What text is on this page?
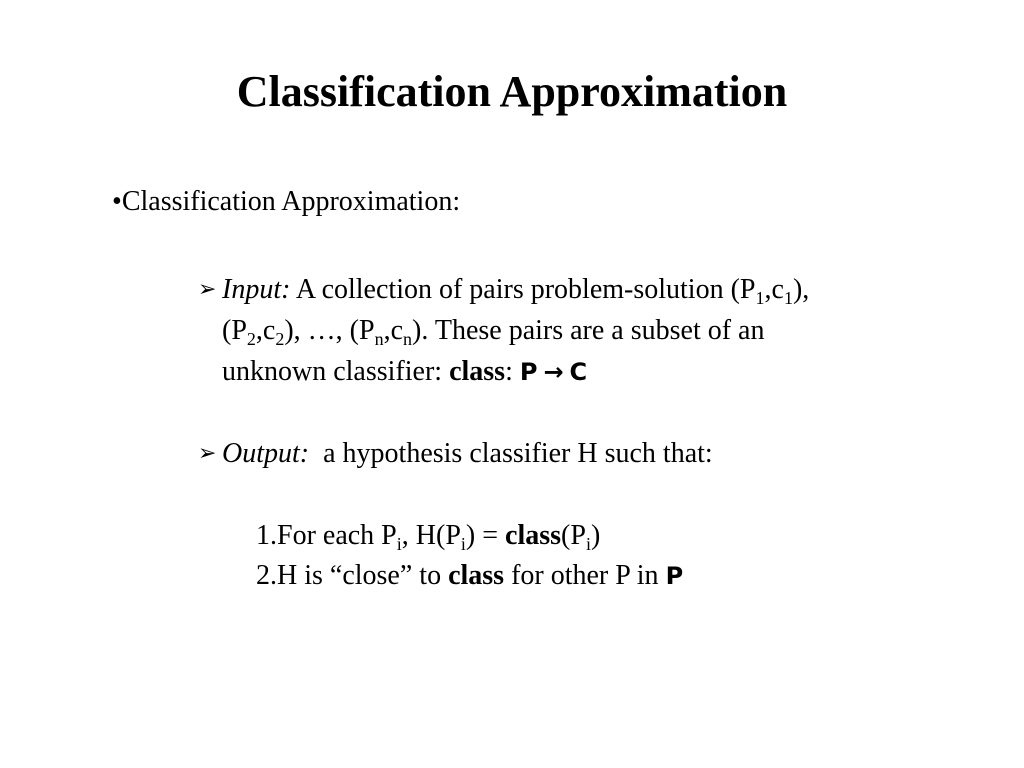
Classification Approximation
•Classification Approximation:
➢ Input: A collection of pairs problem-solution $(P_1,c_1)$,
$(P_2,c_2)$, …, $(P_n,c_n)$. These pairs are a subset of an
unknown classifier: class: P → C
➢ Output:  a hypothesis classifier H such that:
1.For each $P_i$, $H(P_i)$ = $class(P_i)$
2.H is “close” to class for other P in P
